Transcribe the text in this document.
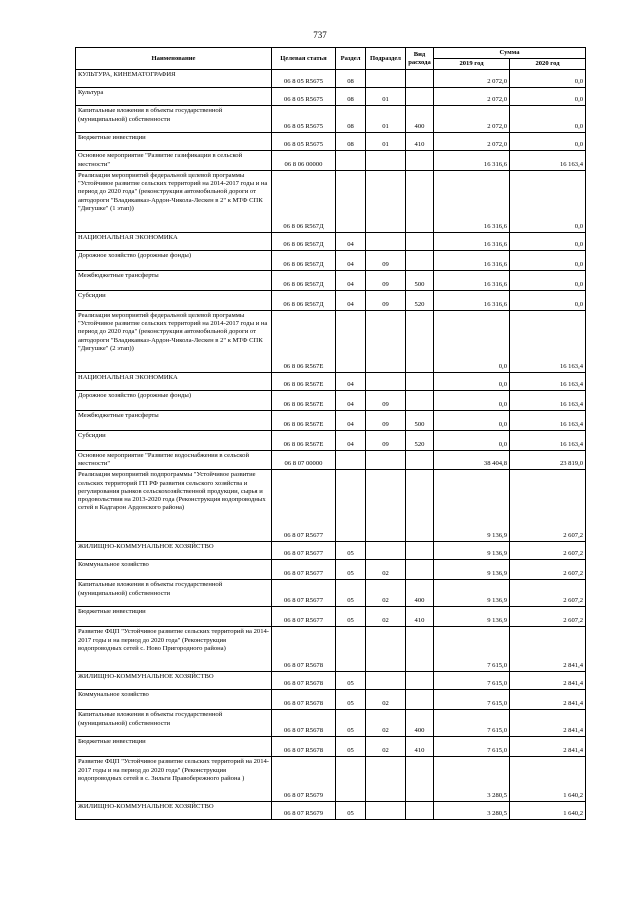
737
Наименование	Целевая статья	Раздел	Подраздел	Вид расхода	Сумма	
					2019 год	2020 год
КУЛЬТУРА, КИНЕМАТОГРАФИЯ	06 8 05 R5675	08			2 072,0	0,0
Культура	06 8 05 R5675	08	01		2 072,0	0,0
Капитальные вложения в объекты государственной (муниципальной) собственности	06 8 05 R5675	08	01	400	2 072,0	0,0
Бюджетные инвестиции	06 8 05 R5675	08	01	410	2 072,0	0,0
Основное мероприятие "Развитие газификации в сельской местности"	06 8 06 00000				16 316,6	16 163,4
Реализация мероприятий федеральной целевой программы "Устойчивое развитие сельских территорий на 2014-2017 годы и на период до 2020 года" (реконструкция автомобильной дороги от автодороги "Владикавказ-Ардон-Чикола-Лескен в 2" к МТФ СПК "Дигушке" (1 этап))	06 8 06 R567Д				16 316,6	0,0
НАЦИОНАЛЬНАЯ ЭКОНОМИКА	06 8 06 R567Д	04			16 316,6	0,0
Дорожное хозяйство (дорожные фонды)	06 8 06 R567Д	04	09		16 316,6	0,0
Межбюджетные трансферты	06 8 06 R567Д	04	09	500	16 316,6	0,0
Субсидии	06 8 06 R567Д	04	09	520	16 316,6	0,0
Реализация мероприятий федеральной целевой программы "Устойчивое развитие сельских территорий на 2014-2017 годы и на период до 2020 года" (реконструкция автомобильной дороги от автодороги "Владикавказ-Ардон-Чикола-Лескен в 2" к МТФ СПК "Дигушке" (2 этап))	06 8 06 R567Е				0,0	16 163,4
НАЦИОНАЛЬНАЯ ЭКОНОМИКА	06 8 06 R567Е	04			0,0	16 163,4
Дорожное хозяйство (дорожные фонды)	06 8 06 R567Е	04	09		0,0	16 163,4
Межбюджетные трансферты	06 8 06 R567Е	04	09	500	0,0	16 163,4
Субсидии	06 8 06 R567Е	04	09	520	0,0	16 163,4
Основное мероприятие "Развитие водоснабжения в сельской местности"	06 8 07 00000				38 404,8	23 819,0
Реализация мероприятий подпрограммы "Устойчивое развитие сельских территорий ГП РФ развития сельского хозяйства и регулирования рынков сельскохозяйственной продукции, сырья и продовольствия на 2013-2020 года (Реконструкция водопроводных сетей в Кадгарон Ардонского района)	06 8 07 R5677				9 136,9	2 607,2
ЖИЛИЩНО-КОММУНАЛЬНОЕ ХОЗЯЙСТВО	06 8 07 R5677	05			9 136,9	2 607,2
Коммунальное хозяйство	06 8 07 R5677	05	02		9 136,9	2 607,2
Капитальные вложения в объекты государственной (муниципальной) собственности	06 8 07 R5677	05	02	400	9 136,9	2 607,2
Бюджетные инвестиции	06 8 07 R5677	05	02	410	9 136,9	2 607,2
Развитие ФЦП "Устойчивое развитие сельских территорий на 2014-2017 годы и на период до 2020 года" (Реконструкция водопроводных сетей с. Ново Пригородного района)	06 8 07 R5678				7 615,0	2 841,4
ЖИЛИЩНО-КОММУНАЛЬНОЕ ХОЗЯЙСТВО	06 8 07 R5678	05			7 615,0	2 841,4
Коммунальное хозяйство	06 8 07 R5678	05	02		7 615,0	2 841,4
Капитальные вложения в объекты государственной (муниципальной) собственности	06 8 07 R5678	05	02	400	7 615,0	2 841,4
Бюджетные инвестиции	06 8 07 R5678	05	02	410	7 615,0	2 841,4
Развитие ФЦП "Устойчивое развитие сельских территорий на 2014-2017 годы и на период до 2020 года" (Реконструкция водопроводных сетей в с. Зильги Правобережного района )	06 8 07 R5679				3 280,5	1 640,2
ЖИЛИЩНО-КОММУНАЛЬНОЕ ХОЗЯЙСТВО	06 8 07 R5679	05			3 280,5	1 640,2
